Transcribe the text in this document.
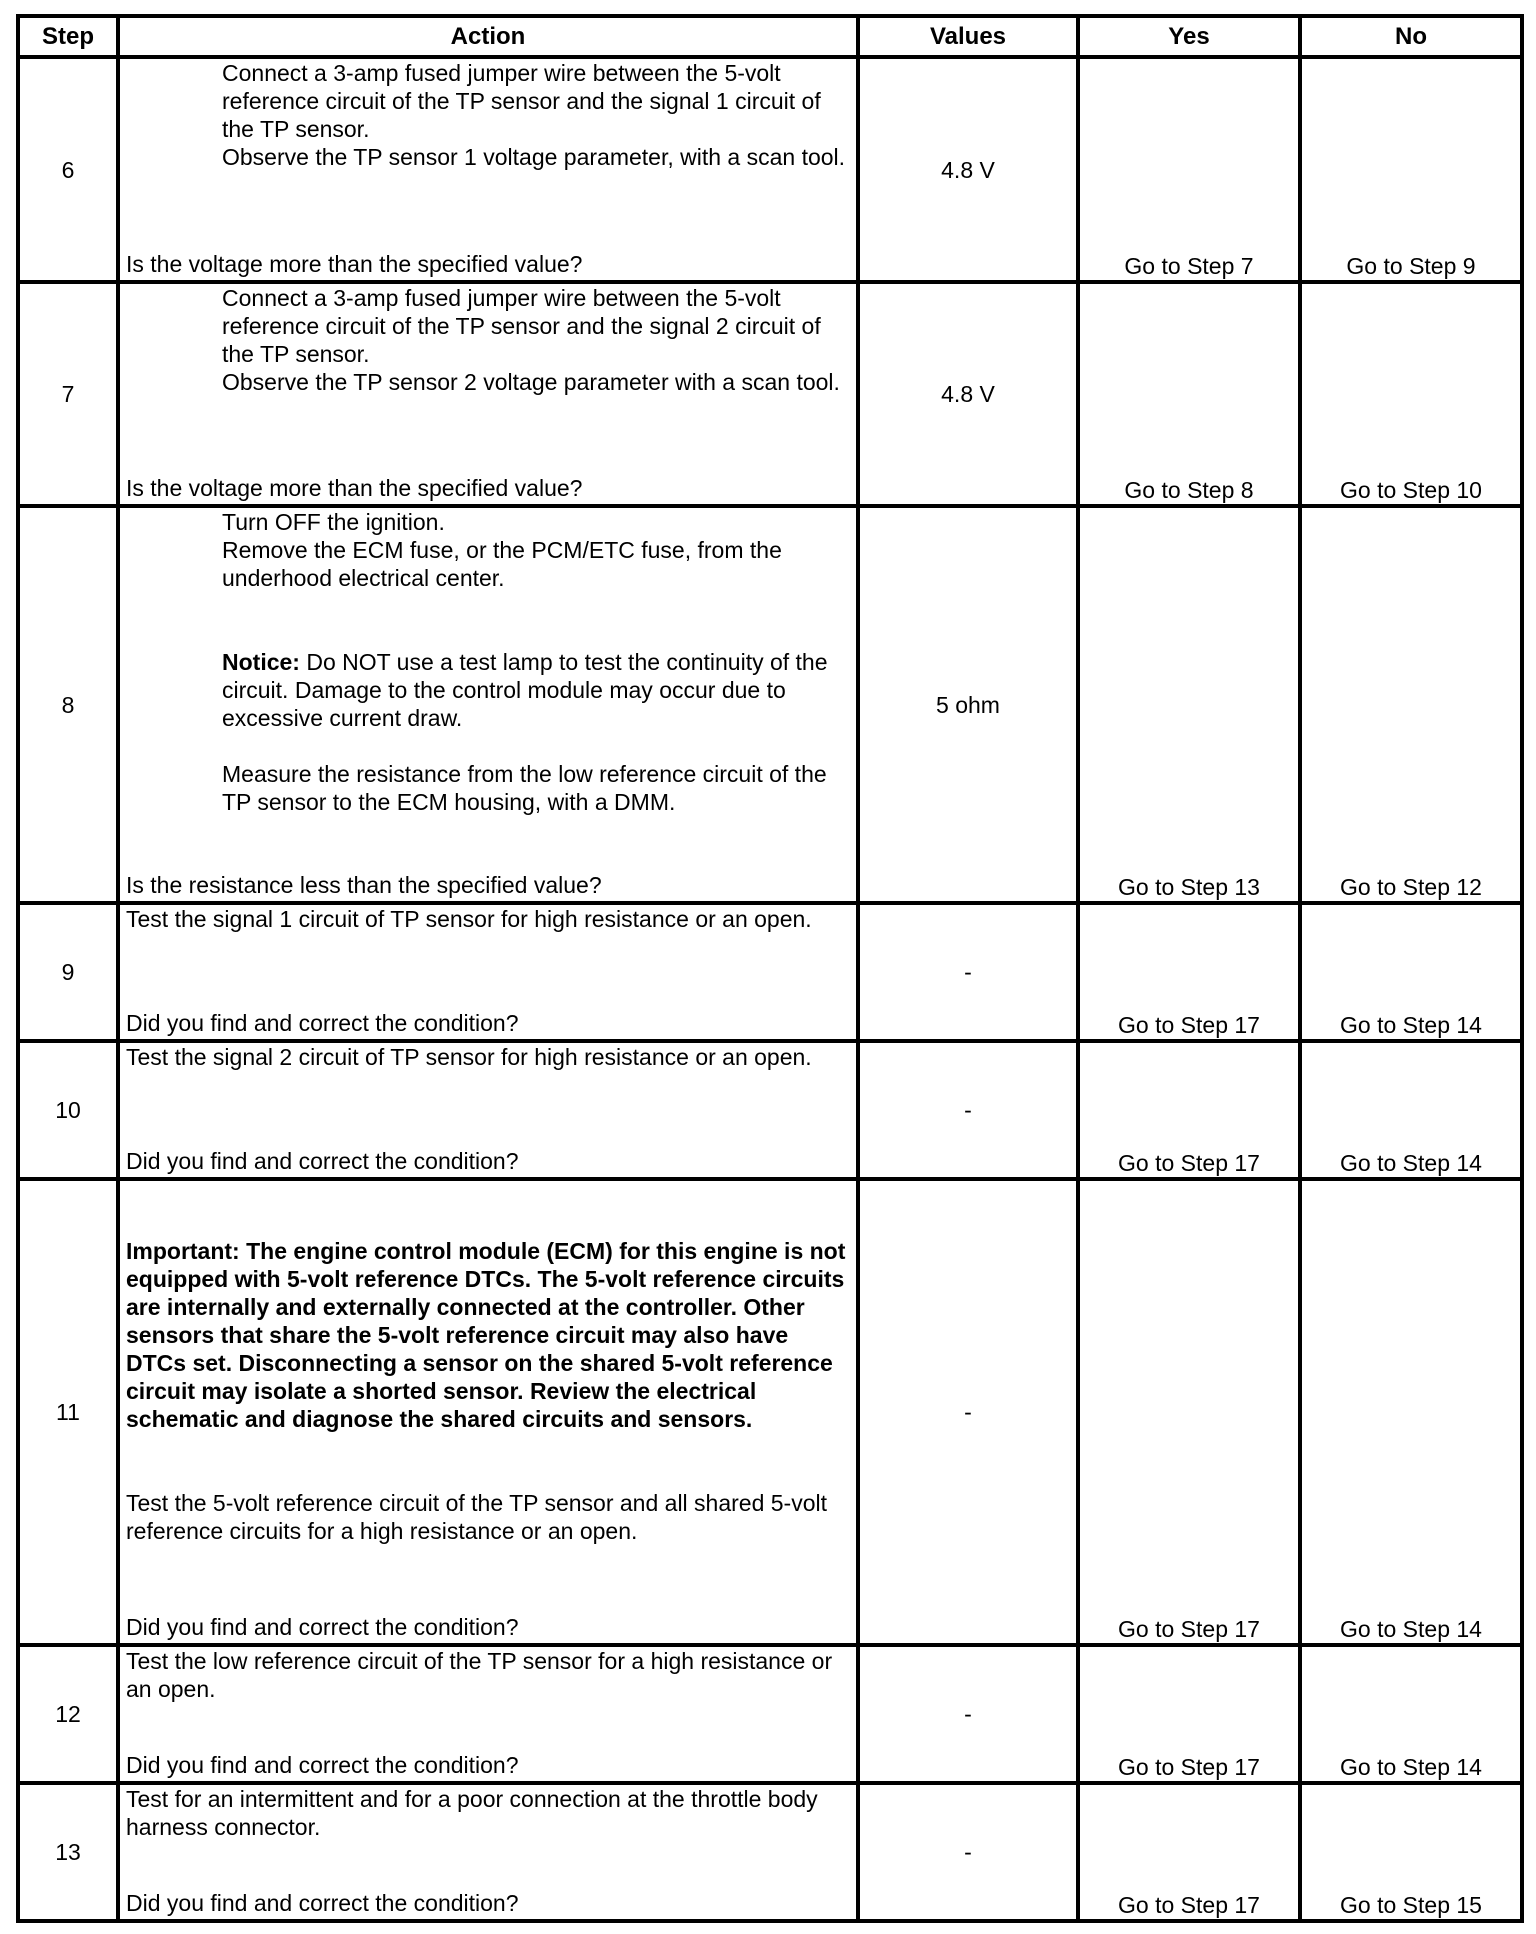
Step	Action	Values	Yes	No
6	Connect a 3-amp fused jumper wire between the 5-volt reference circuit of the TP sensor and the signal 1 circuit of the TP sensor.
Observe the TP sensor 1 voltage parameter, with a scan tool.
Is the voltage more than the specified value?	4.8 V	Go to Step 7	Go to Step 9
7	Connect a 3-amp fused jumper wire between the 5-volt reference circuit of the TP sensor and the signal 2 circuit of the TP sensor.
Observe the TP sensor 2 voltage parameter with a scan tool.
Is the voltage more than the specified value?	4.8 V	Go to Step 8	Go to Step 10
8	Turn OFF the ignition.
Remove the ECM fuse, or the PCM/ETC fuse, from the underhood electrical center.
Notice: Do NOT use a test lamp to test the continuity of the circuit. Damage to the control module may occur due to excessive current draw.
Measure the resistance from the low reference circuit of the TP sensor to the ECM housing, with a DMM.
Is the resistance less than the specified value?	5 ohm	Go to Step 13	Go to Step 12
9	Test the signal 1 circuit of TP sensor for high resistance or an open.
Did you find and correct the condition?	-	Go to Step 17	Go to Step 14
10	Test the signal 2 circuit of TP sensor for high resistance or an open.
Did you find and correct the condition?	-	Go to Step 17	Go to Step 14
11	Important: The engine control module (ECM) for this engine is not equipped with 5-volt reference DTCs. The 5-volt reference circuits are internally and externally connected at the controller. Other sensors that share the 5-volt reference circuit may also have DTCs set. Disconnecting a sensor on the shared 5-volt reference circuit may isolate a shorted sensor. Review the electrical schematic and diagnose the shared circuits and sensors.
Test the 5-volt reference circuit of the TP sensor and all shared 5-volt reference circuits for a high resistance or an open.
Did you find and correct the condition?	-	Go to Step 17	Go to Step 14
12	Test the low reference circuit of the TP sensor for a high resistance or an open.
Did you find and correct the condition?	-	Go to Step 17	Go to Step 14
13	Test for an intermittent and for a poor connection at the throttle body harness connector.
Did you find and correct the condition?	-	Go to Step 17	Go to Step 15
